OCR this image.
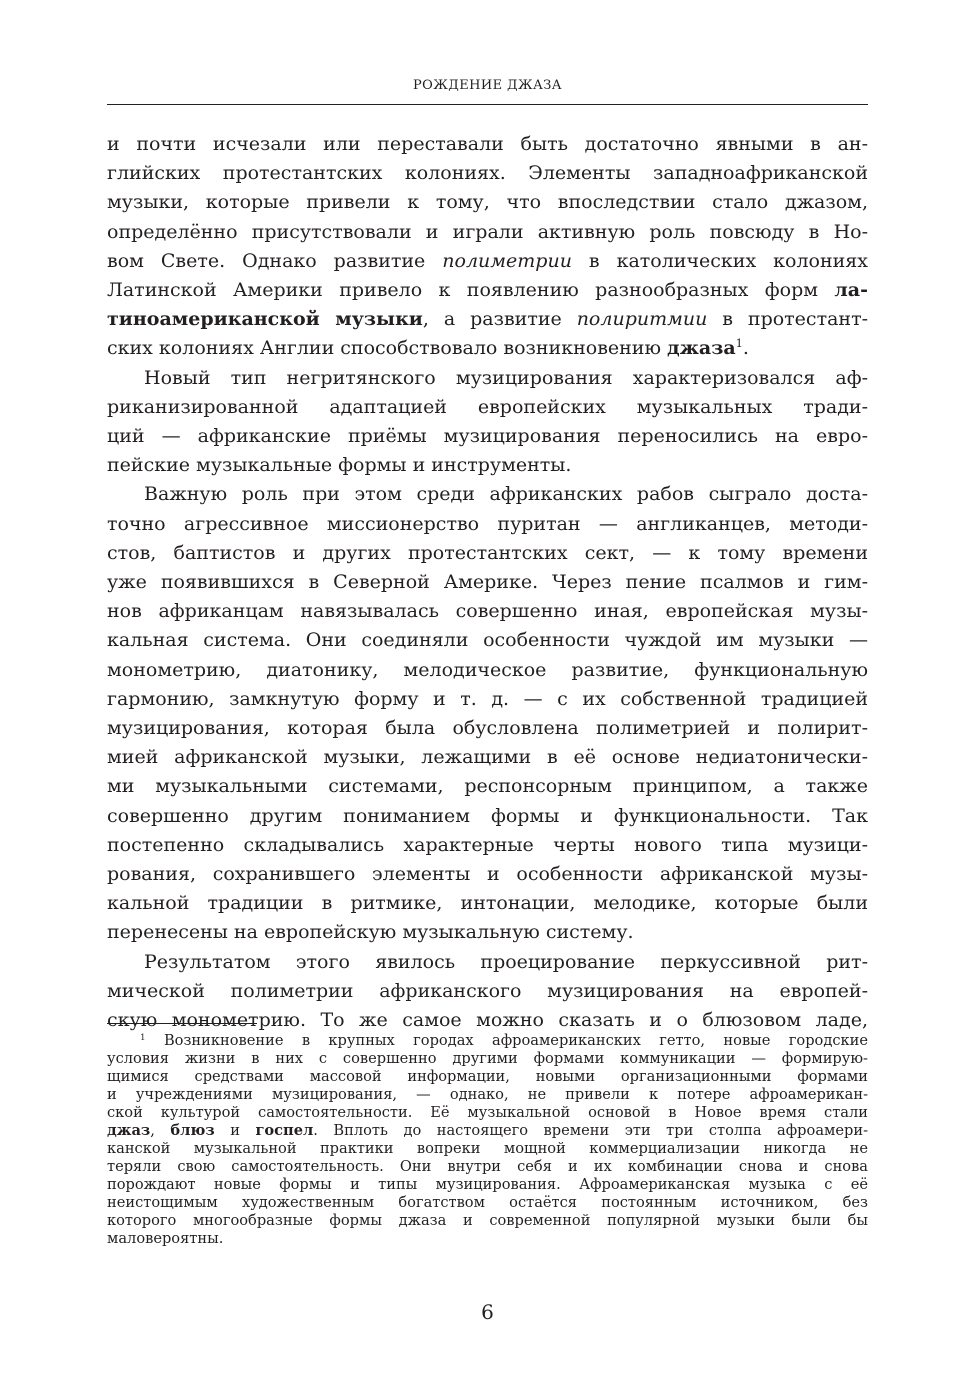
РОЖДЕНИЕ ДЖАЗА
и почти исчезали или переставали быть достаточно явными в ан-
глийских протестантских колониях. Элементы западноафриканской
музыки, которые привели к тому, что впоследствии стало джазом,
определённо присутствовали и играли активную роль повсюду в Но-
вом Свете. Однако развитие полиметрии в католических колониях
Латинской Америки привело к появлению разнообразных форм ла-
тиноамериканской музыки, а развитие полиритмии в протестант-
ских колониях Англии способствовало возникновению джаза$^1$.
Новый тип негритянского музицирования характеризовался аф-
риканизированной адаптацией европейских музыкальных тради-
ций — африканские приёмы музицирования переносились на евро-
пейские музыкальные формы и инструменты.
Важную роль при этом среди африканских рабов сыграло доста-
точно агрессивное миссионерство пуритан — англиканцев, методи-
стов, баптистов и других протестантских сект, — к тому времени
уже появившихся в Северной Америке. Через пение псалмов и гим-
нов африканцам навязывалась совершенно иная, европейская музы-
кальная система. Они соединяли особенности чуждой им музыки —
монометрию, диатонику, мелодическое развитие, функциональную
гармонию, замкнутую форму и т. д. — с их собственной традицией
музицирования, которая была обусловлена полиметрией и полирит-
мией африканской музыки, лежащими в её основе недиатонически-
ми музыкальными системами, респонсорным принципом, а также
совершенно другим пониманием формы и функциональности. Так
постепенно складывались характерные черты нового типа музици-
рования, сохранившего элементы и особенности африканской музы-
кальной традиции в ритмике, интонации, мелодике, которые были
перенесены на европейскую музыкальную систему.
Результатом этого явилось проецирование перкуссивной рит-
мической полиметрии африканского музицирования на европей-
скую монометрию. То же самое можно сказать и о блюзовом ладе,
$^1$ Возникновение в крупных городах афроамериканских гетто, новые городские
условия жизни в них с совершенно другими формами коммуникации — формирую-
щимися средствами массовой информации, новыми организационными формами
и учреждениями музицирования, — однако, не привели к потере афроамерикан-
ской культурой самостоятельности. Её музыкальной основой в Новое время стали
джаз, блюз и госпел. Вплоть до настоящего времени эти три столпа афроамери-
канской музыкальной практики вопреки мощной коммерциализации никогда не
теряли свою самостоятельность. Они внутри себя и их комбинации снова и снова
порождают новые формы и типы музицирования. Афроамериканская музыка с её
неистощимым художественным богатством остаётся постоянным источником, без
которого многообразные формы джаза и современной популярной музыки были бы
маловероятны.
6
